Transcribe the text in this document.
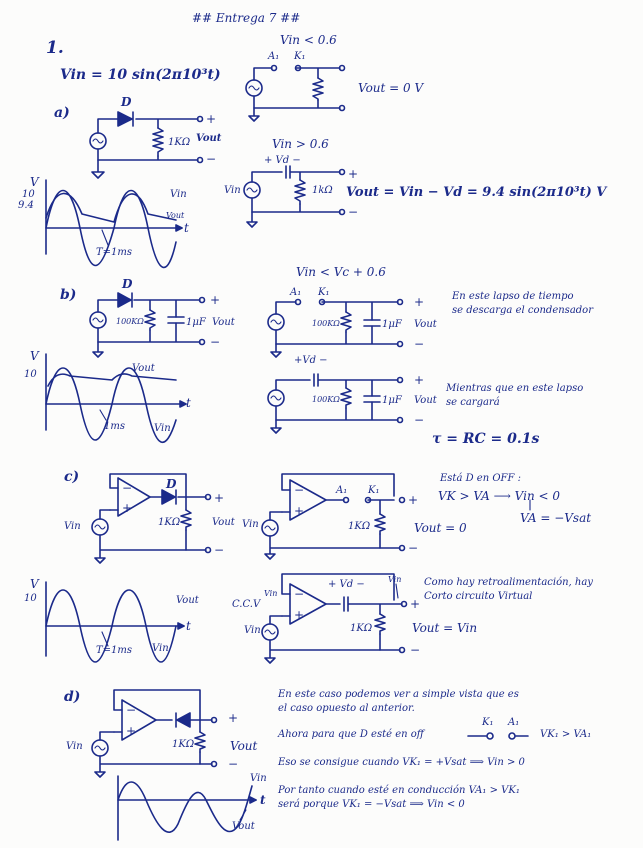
## Entrega 7 ##
1.
Vin = 10 sin(2π10³t)
a)
D
+
−
1KΩ Vout
V
10
9.4
Vin
Vout
t
T=1ms
Vin < 0.6
A₁ K₁
Vout = 0 V
Vin > 0.6
+ Vd −
Vin	1kΩ
+
−
Vout = Vin − Vd = 9.4 sin(2π10³t) V
b)
D
100KΩ	1μF Vout
+
−
V
10
Vout
t
1ms	Vin
Vin < Vc + 0.6
A₁ K₁
100KΩ	1μF Vout
+
−
En este lapso de tiempo
se descarga el condensador
+Vd −
100KΩ	1μF Vout
+
−
Mientras que en este lapso
se cargará
τ = RC = 0.1s
c)
−
+
D
Vin	1KΩ	Vout
+
−
−
+
A₁ K₁
Vin	1KΩ
+
−
Vout = 0
Está D en OFF :
VK > VA ⟶ Vin < 0
VA = −Vsat
V
10	Vout
t
T=1ms Vin
−
+
C.C.V
Vin
+ Vd −	Vin
Vin	1KΩ
+
−
Vout = Vin
Como hay retroalimentación, hay
Corto circuito Virtual
d)
−
+
Vin	1KΩ	Vout
+
−
Vin
t
Vout
En este caso podemos ver a simple vista que es
el caso opuesto al anterior.
Ahora para que D esté en off
K₁ A₁
VK₁ > VA₁
Eso se consigue cuando VK₁ = +Vsat ⟹ Vin > 0
Por tanto cuando esté en conducción VA₁ > VK₁
será porque VK₁ = −Vsat ⟹ Vin < 0
